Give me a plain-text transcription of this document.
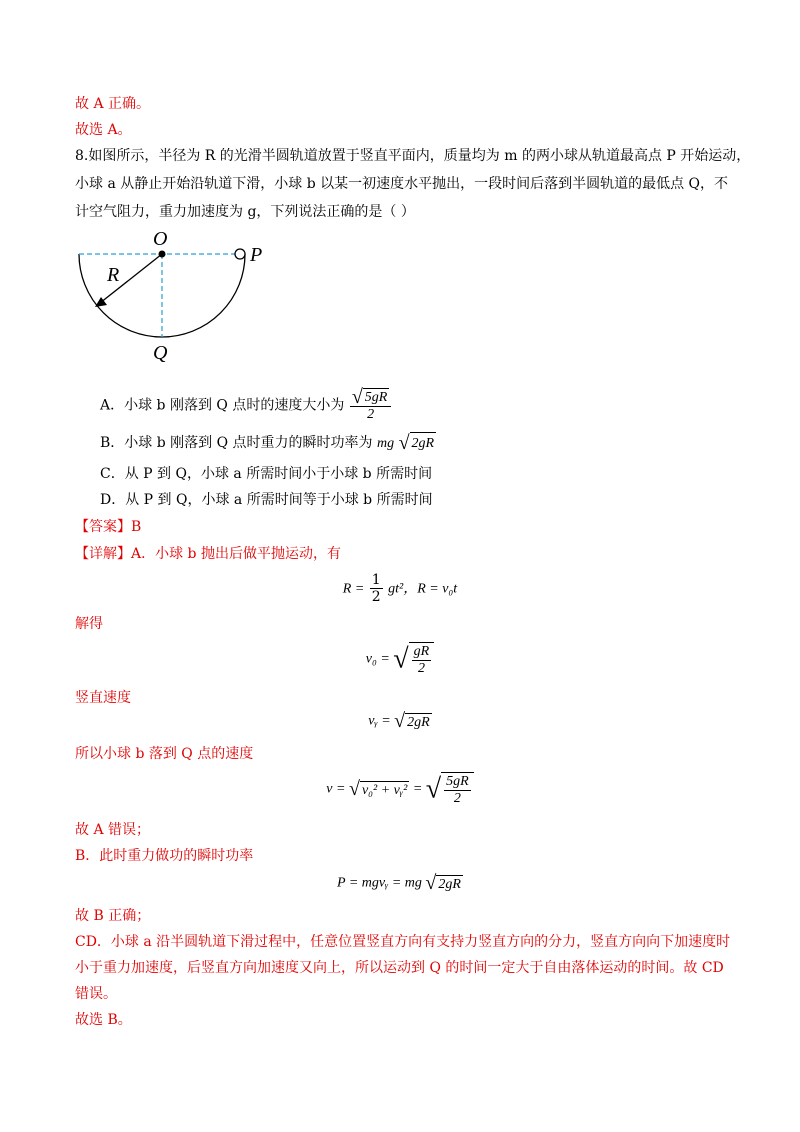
故 A 正确。
故选 A。
8.如图所示，半径为 R 的光滑半圆轨道放置于竖直平面内，质量均为 m 的两小球从轨道最高点 P 开始运动，
小球 a 从静止开始沿轨道下滑，小球 b 以某一初速度水平抛出，一段时间后落到半圆轨道的最低点 Q，不
计空气阻力，重力加速度为 g，下列说法正确的是（ ）
O
P
R
Q
A．小球 b 刚落到 Q 点时的速度大小为 $\frac{√ 5gR}{2}$
B．小球 b 刚落到 Q 点时重力的瞬时功率为 mg √ 2gR
C．从 P 到 Q，小球 a 所需时间小于小球 b 所需时间
D．从 P 到 Q，小球 a 所需时间等于小球 b 所需时间
【答案】B
【详解】A．小球 b 抛出后做平抛运动，有
$R = \frac{1}{2} gt^2$，R = v₀t
解得
v₀ = √ $\frac{gR}{2}$
竖直速度
vᵧ = √ 2gR
所以小球 b 落到 Q 点的速度
v = √ v₀² + vᵧ² = √ $\frac{5gR}{2}$
故 A 错误；
B．此时重力做功的瞬时功率
P = mgvᵧ = mg √ 2gR
故 B 正确；
CD．小球 a 沿半圆轨道下滑过程中，任意位置竖直方向有支持力竖直方向的分力，竖直方向向下加速度时
小于重力加速度，后竖直方向加速度又向上，所以运动到 Q 的时间一定大于自由落体运动的时间。故 CD
错误。
故选 B。
